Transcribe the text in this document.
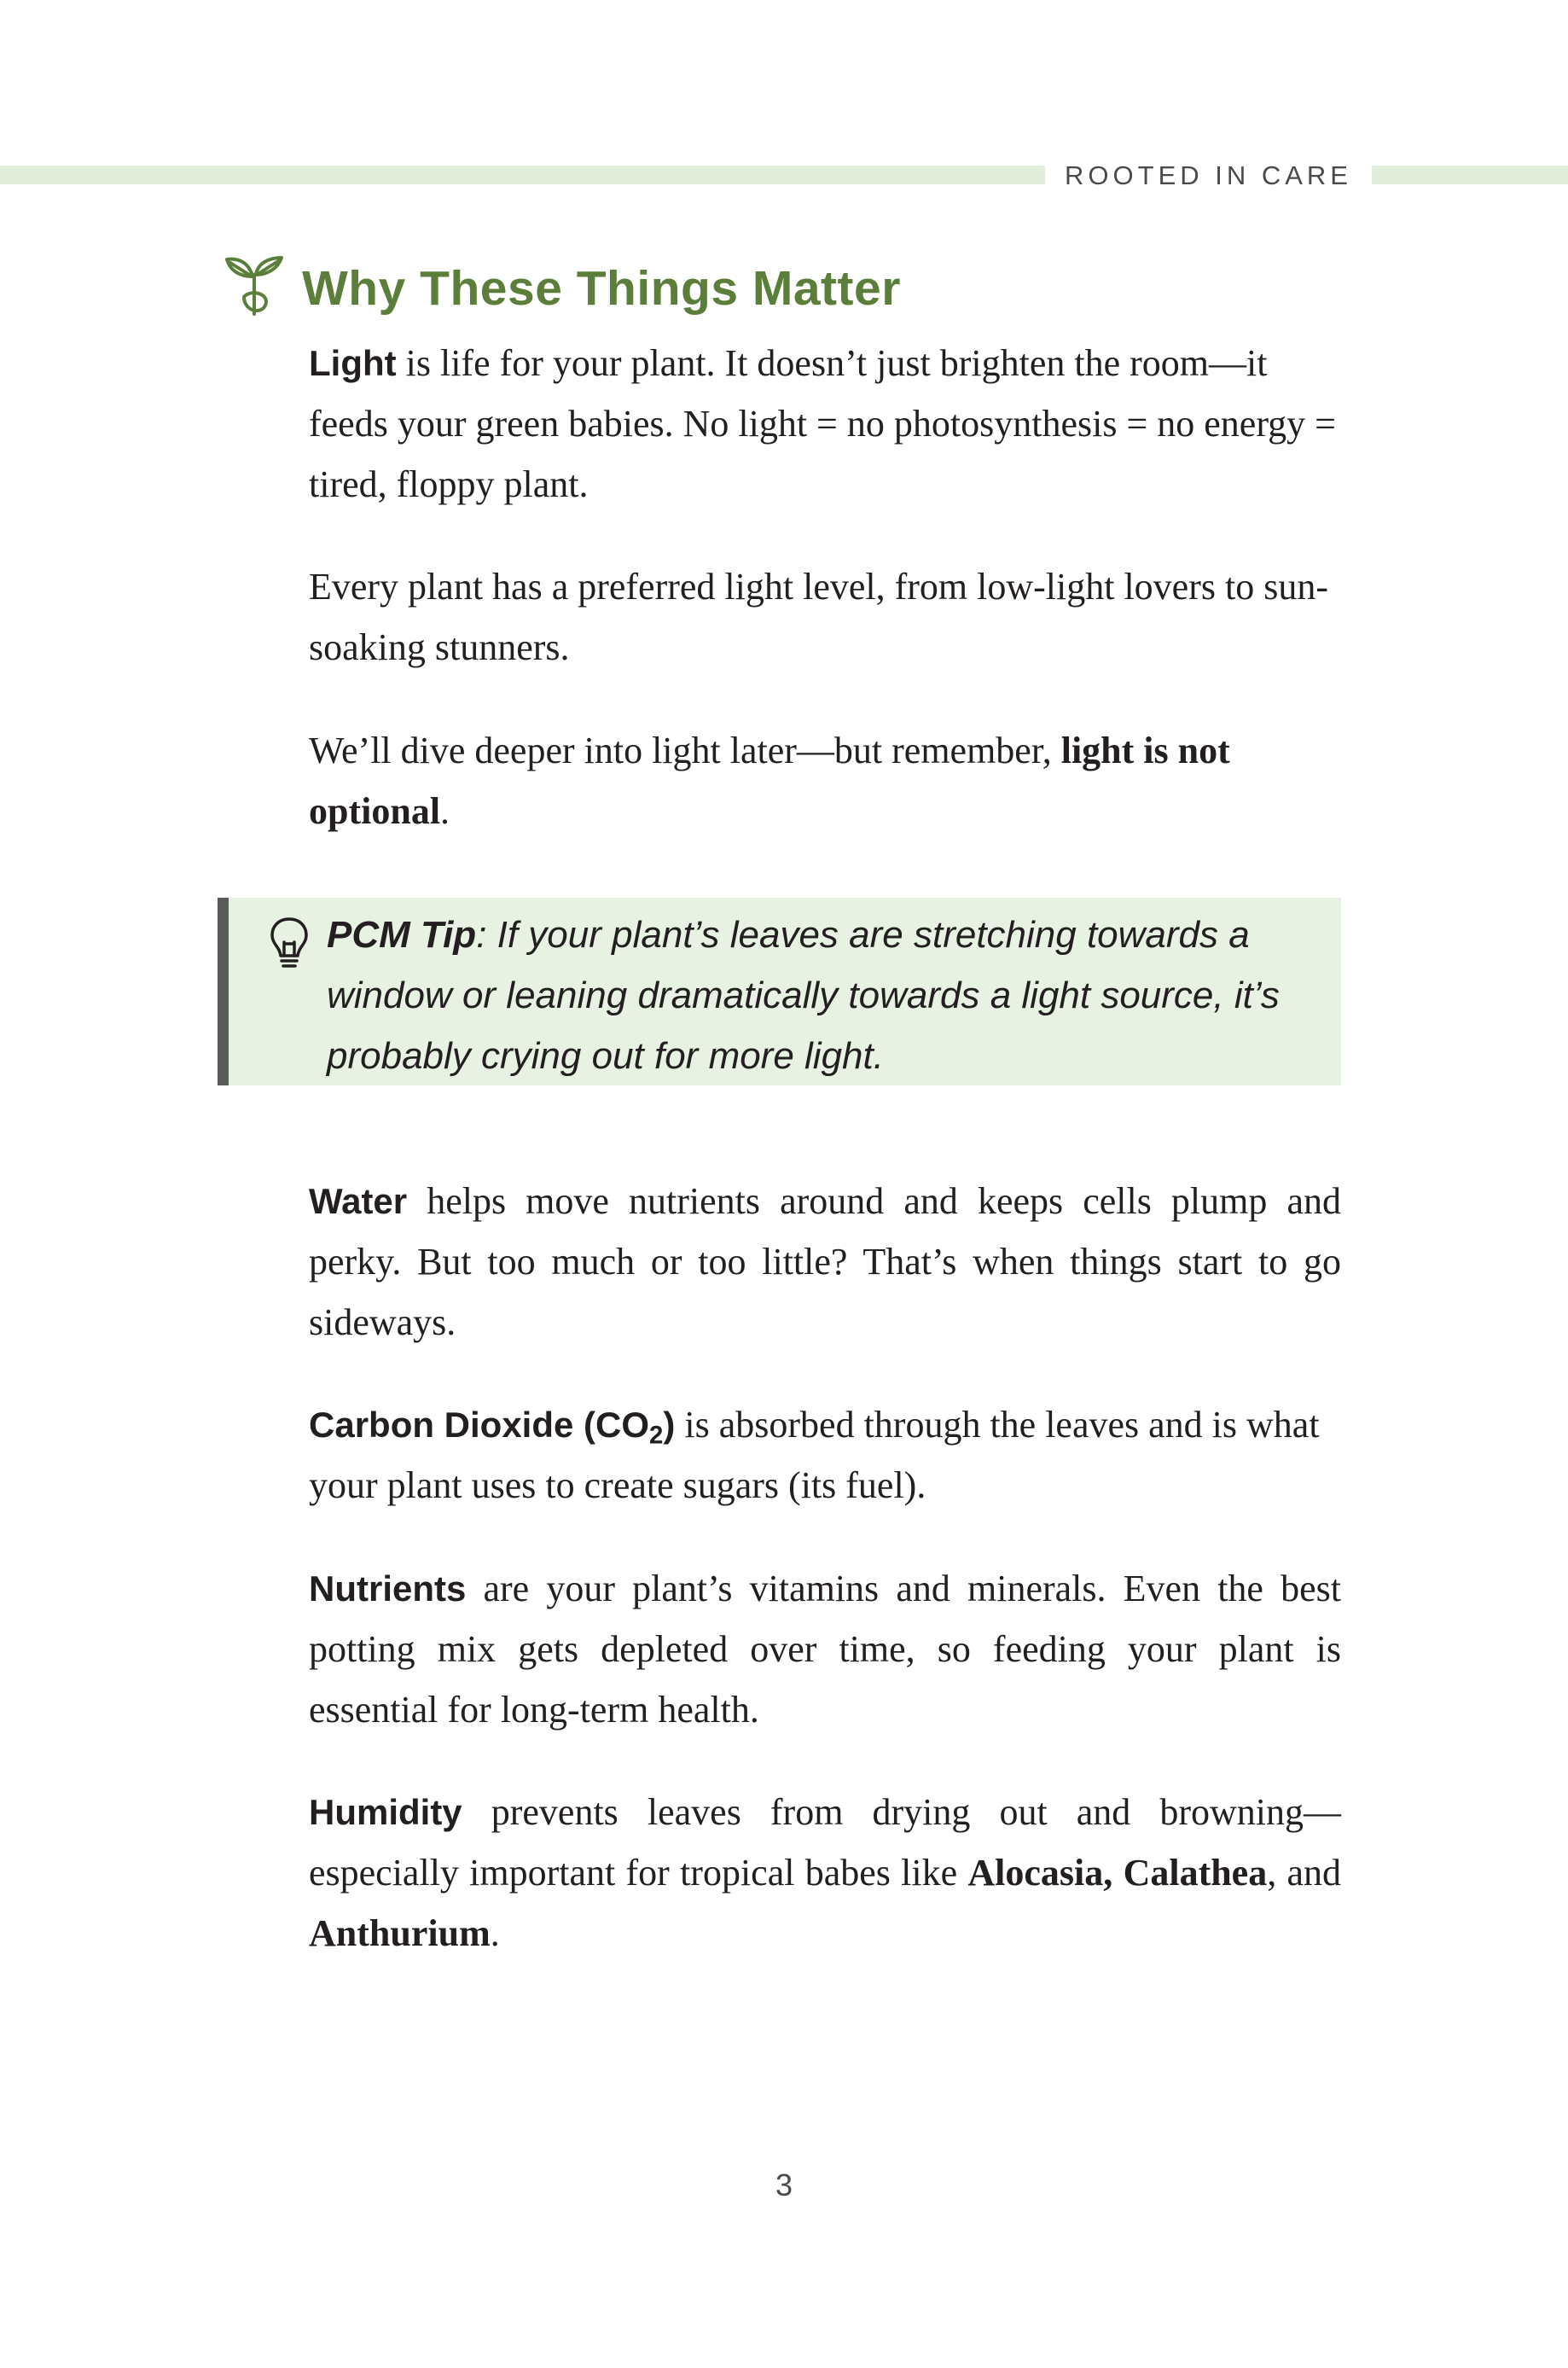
ROOTED IN CARE
Why These Things Matter

Light is life for your plant. It doesn’t just brighten the room—it feeds your green babies. No light = no photosynthesis = no energy = tired, floppy plant.

Every plant has a preferred light level, from low-light lovers to sun-soaking stunners.

We’ll dive deeper into light later—but remember, light is not optional.

PCM Tip: If your plant’s leaves are stretching towards a window or leaning dramatically towards a light source, it’s probably crying out for more light.

Water helps move nutrients around and keeps cells plump and perky. But too much or too little? That’s when things start to go sideways.

Carbon Dioxide $(CO_2)$ is absorbed through the leaves and is what your plant uses to create sugars (its fuel).

Nutrients are your plant’s vitamins and minerals. Even the best potting mix gets depleted over time, so feeding your plant is essential for long-term health.

Humidity prevents leaves from drying out and browning—especially important for tropical babes like Alocasia, Calathea, and Anthurium.

3
